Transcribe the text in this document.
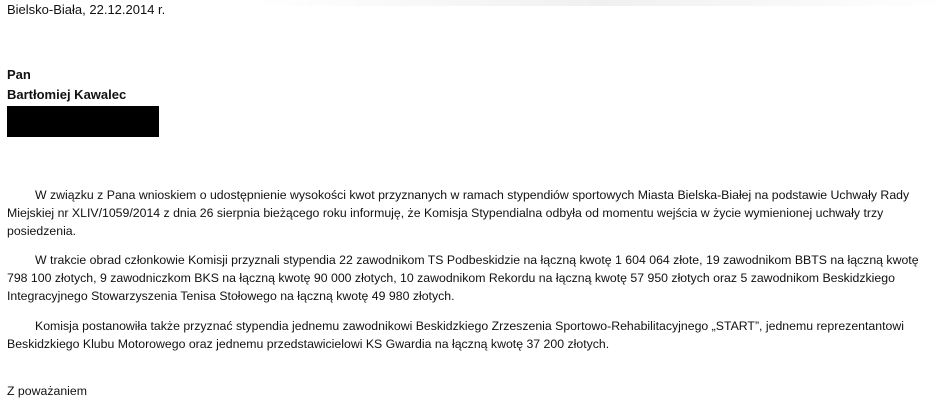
Bielsko-Biała, 22.12.2014 r.
Pan
Bartłomiej Kawalec

W związku z Pana wnioskiem o udostępnienie wysokości kwot przyznanych w ramach stypendiów sportowych Miasta Bielska-Białej na podstawie Uchwały Rady Miejskiej nr XLIV/1059/2014 z dnia 26 sierpnia bieżącego roku informuję, że Komisja Stypendialna odbyła od momentu wejścia w życie wymienionej uchwały trzy posiedzenia.

W trakcie obrad członkowie Komisji przyznali stypendia 22 zawodnikom TS Podbeskidzie na łączną kwotę 1 604 064 złote, 19 zawodnikom BBTS na łączną kwotę 798 100 złotych, 9 zawodniczkom BKS na łączną kwotę 90 000 złotych, 10 zawodnikom Rekordu na łączną kwotę 57 950 złotych oraz 5 zawodnikom Beskidzkiego Integracyjnego Stowarzyszenia Tenisa Stołowego na łączną kwotę 49 980 złotych.

Komisja postanowiła także przyznać stypendia jednemu zawodnikowi Beskidzkiego Zrzeszenia Sportowo-Rehabilitacyjnego „START”, jednemu reprezentantowi Beskidzkiego Klubu Motorowego oraz jednemu przedstawicielowi KS Gwardia na łączną kwotę 37 200 złotych.

Z poważaniem
